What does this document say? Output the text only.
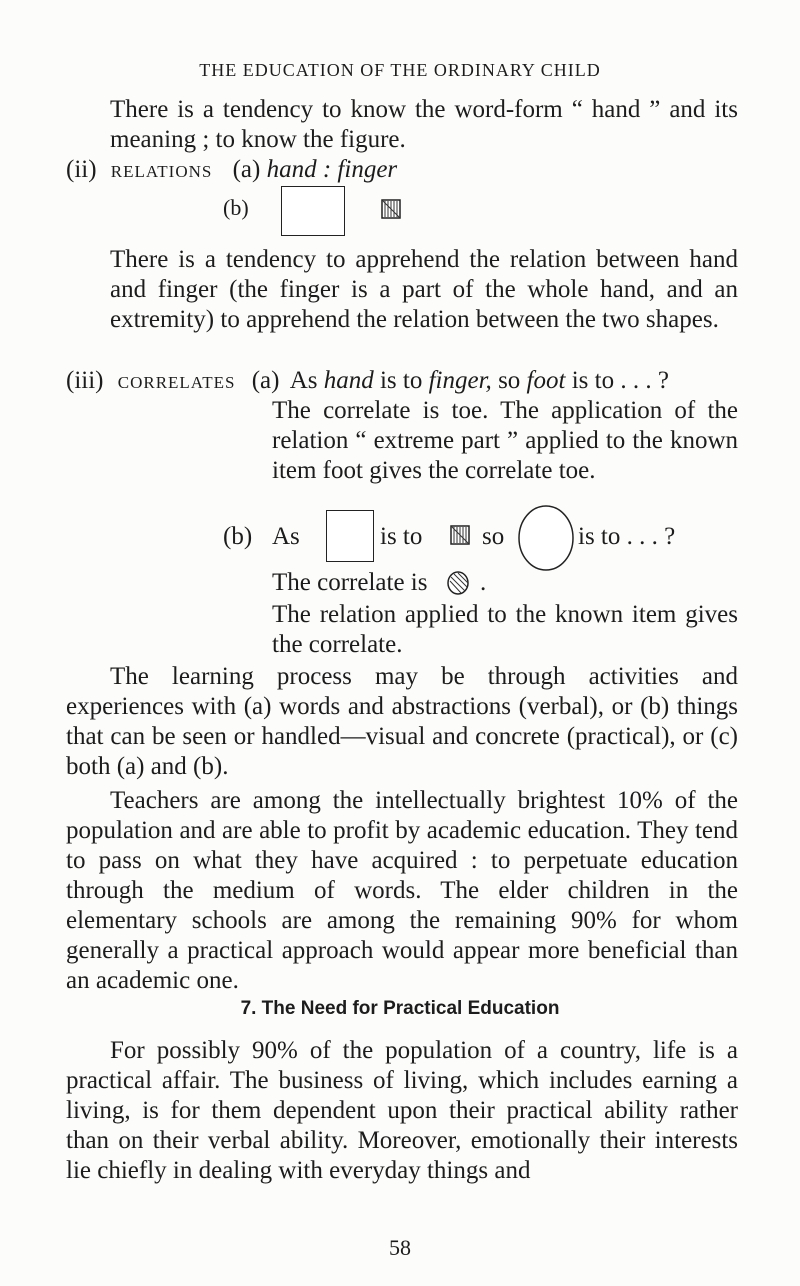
THE EDUCATION OF THE ORDINARY CHILD
There is a tendency to know the word-form “ hand ” and its meaning ; to know the figure.
(ii) relations (a) hand : finger
(b)
There is a tendency to apprehend the relation between hand and finger (the finger is a part of the whole hand, and an extremity) to apprehend the relation between the two shapes.
(iii) correlates (a) As hand is to finger, so foot is to . . . ?
The correlate is toe. The application of the relation “ extreme part ” applied to the known item foot gives the correlate toe.
(b) As	is to so	is to . . . ?
The correlate is .
The relation applied to the known item gives the correlate.
The learning process may be through activities and experiences with (a) words and abstractions (verbal), or (b) things that can be seen or handled—visual and concrete (practical), or (c) both (a) and (b).
Teachers are among the intellectually brightest 10% of the population and are able to profit by academic education. They tend to pass on what they have acquired : to perpetuate education through the medium of words. The elder children in the elementary schools are among the remaining 90% for whom generally a practical approach would appear more beneficial than an academic one.
7. The Need for Practical Education
For possibly 90% of the population of a country, life is a practical affair. The business of living, which includes earning a living, is for them dependent upon their practical ability rather than on their verbal ability. Moreover, emotionally their interests lie chiefly in dealing with everyday things and
58
